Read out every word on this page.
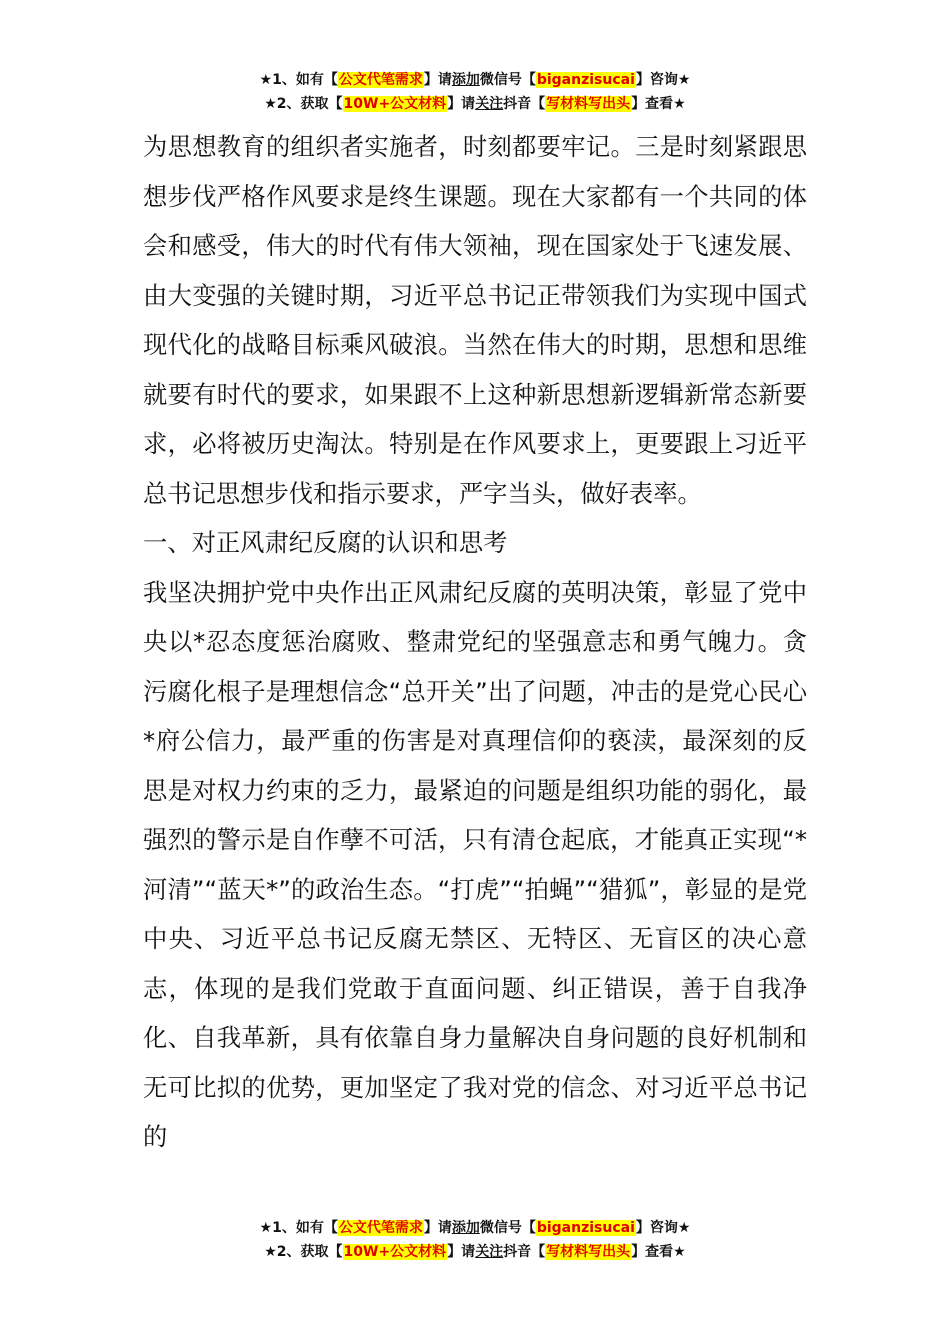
★1、如有【公文代笔需求】请添加微信号【biganzisucai】咨询★
★2、获取【10W+公文材料】请关注抖音【写材料写出头】查看★

为思想教育的组织者实施者，时刻都要牢记。三是时刻紧跟思想步伐严格作风要求是终生课题。现在大家都有一个共同的体会和感受，伟大的时代有伟大领袖，现在国家处于飞速发展、由大变强的关键时期，习近平总书记正带领我们为实现中国式现代化的战略目标乘风破浪。当然在伟大的时期，思想和思维就要有时代的要求，如果跟不上这种新思想新逻辑新常态新要求，必将被历史淘汰。特别是在作风要求上，更要跟上习近平总书记思想步伐和指示要求，严字当头，做好表率。

一、对正风肃纪反腐的认识和思考

我坚决拥护党中央作出正风肃纪反腐的英明决策，彰显了党中央以*忍态度惩治腐败、整肃党纪的坚强意志和勇气魄力。贪污腐化根子是理想信念“总开关”出了问题，冲击的是党心民心*府公信力，最严重的伤害是对真理信仰的亵渎，最深刻的反思是对权力约束的乏力，最紧迫的问题是组织功能的弱化，最强烈的警示是自作孽不可活，只有清仓起底，才能真正实现“*河清”“蓝天*”的政治生态。“打虎”“拍蝇”“猎狐”，彰显的是党中央、习近平总书记反腐无禁区、无特区、无盲区的决心意志，体现的是我们党敢于直面问题、纠正错误，善于自我净化、自我革新，具有依靠自身力量解决自身问题的良好机制和无可比拟的优势，更加坚定了我对党的信念、对习近平总书记的

★1、如有【公文代笔需求】请添加微信号【biganzisucai】咨询★
★2、获取【10W+公文材料】请关注抖音【写材料写出头】查看★
